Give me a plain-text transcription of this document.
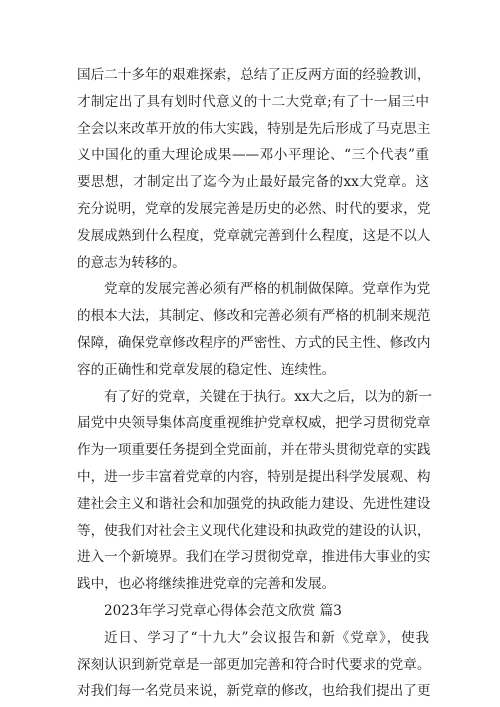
国后二十多年的艰难探索，总结了正反两方面的经验教训，
才制定出了具有划时代意义的十二大党章;有了十一届三中
全会以来改革开放的伟大实践，特别是先后形成了马克思主
义中国化的重大理论成果——邓小平理论、“三个代表”重
要思想，才制定出了迄今为止最好最完备的xx大党章。这
充分说明，党章的发展完善是历史的必然、时代的要求，党
发展成熟到什么程度，党章就完善到什么程度，这是不以人
的意志为转移的。
党章的发展完善必须有严格的机制做保障。党章作为党
的根本大法，其制定、修改和完善必须有严格的机制来规范
保障，确保党章修改程序的严密性、方式的民主性、修改内
容的正确性和党章发展的稳定性、连续性。
有了好的党章，关键在于执行。xx大之后，以为的新一
届党中央领导集体高度重视维护党章权威，把学习贯彻党章
作为一项重要任务提到全党面前，并在带头贯彻党章的实践
中，进一步丰富着党章的内容，特别是提出科学发展观、构
建社会主义和谐社会和加强党的执政能力建设、先进性建设
等，使我们对社会主义现代化建设和执政党的建设的认识，
进入一个新境界。我们在学习贯彻党章，推进伟大事业的实
践中，也必将继续推进党章的完善和发展。
2023年学习党章心得体会范文欣赏 篇3
近日、学习了“十九大”会议报告和新《党章》，使我
深刻认识到新党章是一部更加完善和符合时代要求的党章。
对我们每一名党员来说，新党章的修改，也给我们提出了更
